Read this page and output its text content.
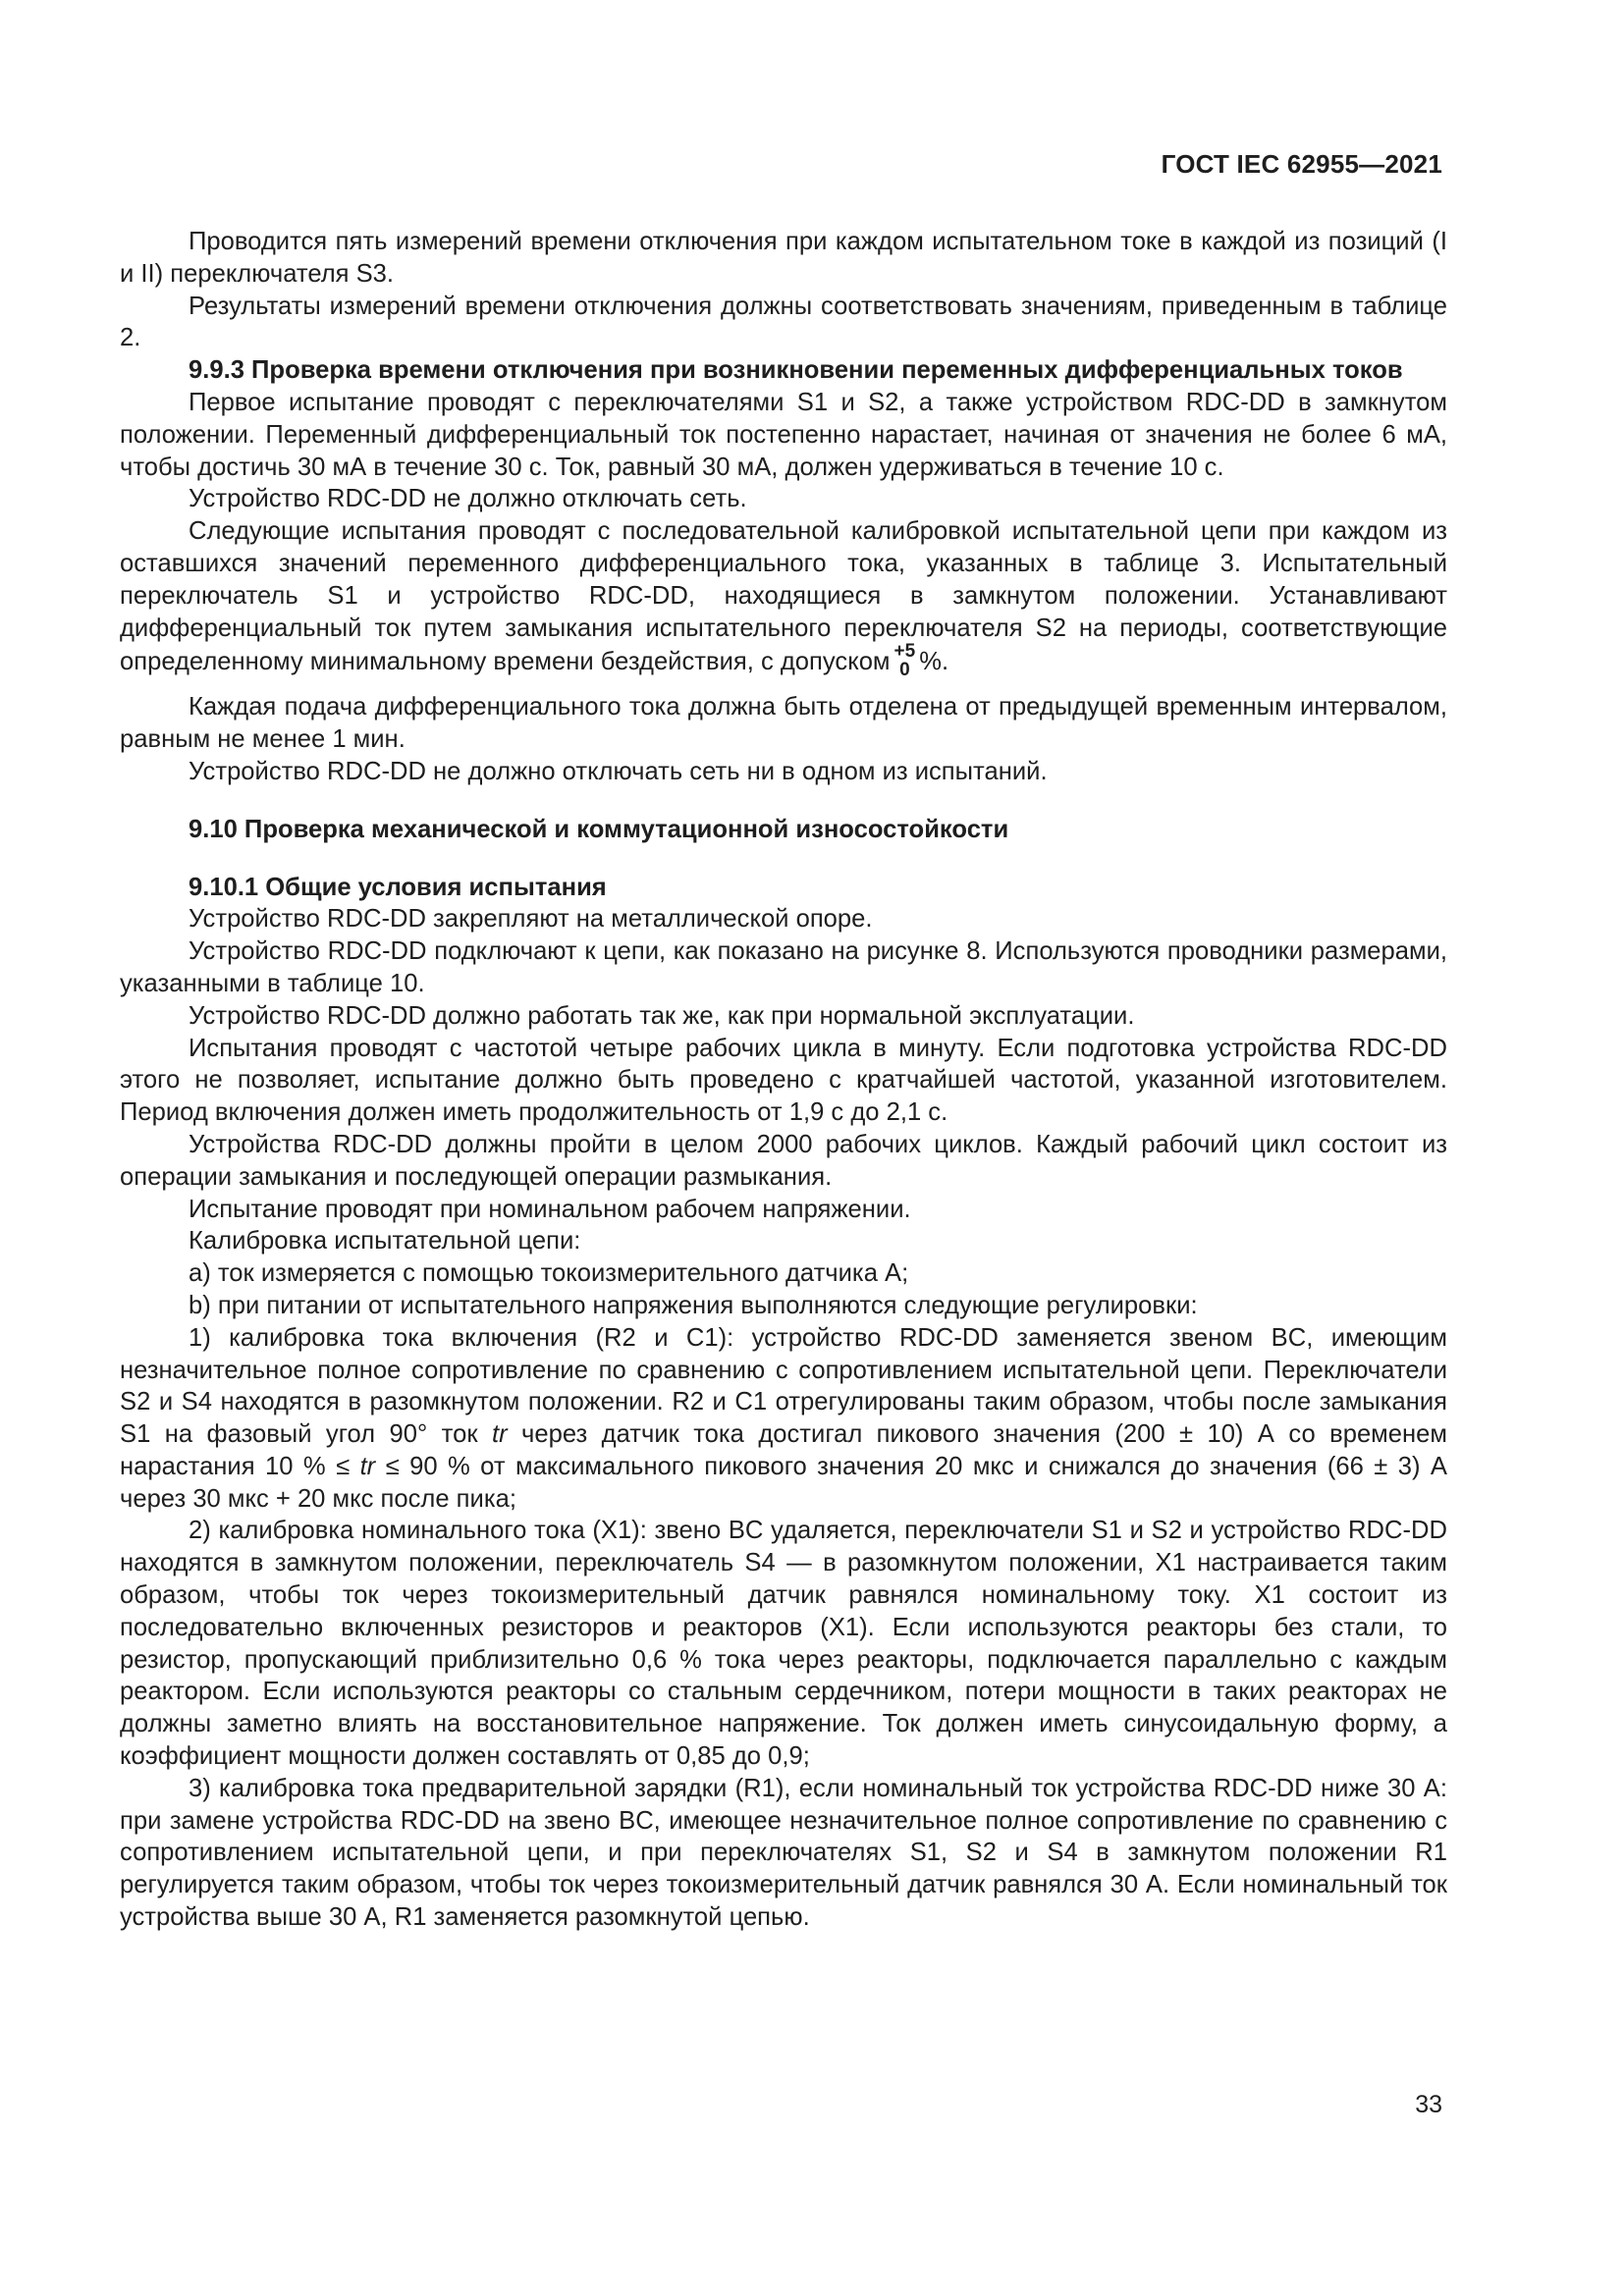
ГОСТ IEC 62955—2021

Проводится пять измерений времени отключения при каждом испытательном токе в каждой из позиций (I и II) переключателя S3.

Результаты измерений времени отключения должны соответствовать значениям, приведенным в таблице 2.

9.9.3 Проверка времени отключения при возникновении переменных дифференциальных токов

Первое испытание проводят с переключателями S1 и S2, а также устройством RDC-DD в замкнутом положении. Переменный дифференциальный ток постепенно нарастает, начиная от значения не более 6 мА, чтобы достичь 30 мА в течение 30 с. Ток, равный 30 мА, должен удерживаться в течение 10 с.

Устройство RDC-DD не должно отключать сеть.

Следующие испытания проводят с последовательной калибровкой испытательной цепи при каждом из оставшихся значений переменного дифференциального тока, указанных в таблице 3. Испытательный переключатель S1 и устройство RDC-DD, находящиеся в замкнутом положении. Устанавливают дифференциальный ток путем замыкания испытательного переключателя S2 на периоды, соответствующие определенному минимальному времени бездействия, с допуском +5
0 %.

Каждая подача дифференциального тока должна быть отделена от предыдущей временным интервалом, равным не менее 1 мин.

Устройство RDC-DD не должно отключать сеть ни в одном из испытаний.

9.10 Проверка механической и коммутационной износостойкости

9.10.1 Общие условия испытания

Устройство RDC-DD закрепляют на металлической опоре.

Устройство RDC-DD подключают к цепи, как показано на рисунке 8. Используются проводники размерами, указанными в таблице 10.

Устройство RDC-DD должно работать так же, как при нормальной эксплуатации.

Испытания проводят с частотой четыре рабочих цикла в минуту. Если подготовка устройства RDC-DD этого не позволяет, испытание должно быть проведено с кратчайшей частотой, указанной изготовителем. Период включения должен иметь продолжительность от 1,9 с до 2,1 с.

Устройства RDC-DD должны пройти в целом 2000 рабочих циклов. Каждый рабочий цикл состоит из операции замыкания и последующей операции размыкания.

Испытание проводят при номинальном рабочем напряжении.

Калибровка испытательной цепи:

a) ток измеряется с помощью токоизмерительного датчика A;

b) при питании от испытательного напряжения выполняются следующие регулировки:

1) калибровка тока включения (R2 и C1): устройство RDC-DD заменяется звеном BC, имеющим незначительное полное сопротивление по сравнению с сопротивлением испытательной цепи. Переключатели S2 и S4 находятся в разомкнутом положении. R2 и C1 отрегулированы таким образом, чтобы после замыкания S1 на фазовый угол 90° ток tr через датчик тока достигал пикового значения (200 ± 10) А со временем нарастания 10 % ≤ tr ≤ 90 % от максимального пикового значения 20 мкс и снижался до значения (66 ± 3) А через 30 мкс + 20 мкс после пика;

2) калибровка номинального тока (X1): звено BC удаляется, переключатели S1 и S2 и устройство RDC-DD находятся в замкнутом положении, переключатель S4 — в разомкнутом положении, X1 настраивается таким образом, чтобы ток через токоизмерительный датчик равнялся номинальному току. X1 состоит из последовательно включенных резисторов и реакторов (X1). Если используются реакторы без стали, то резистор, пропускающий приблизительно 0,6 % тока через реакторы, подключается параллельно с каждым реактором. Если используются реакторы со стальным сердечником, потери мощности в таких реакторах не должны заметно влиять на восстановительное напряжение. Ток должен иметь синусоидальную форму, а коэффициент мощности должен составлять от 0,85 до 0,9;

3) калибровка тока предварительной зарядки (R1), если номинальный ток устройства RDC-DD ниже 30 А: при замене устройства RDC-DD на звено BC, имеющее незначительное полное сопротивление по сравнению с сопротивлением испытательной цепи, и при переключателях S1, S2 и S4 в замкнутом положении R1 регулируется таким образом, чтобы ток через токоизмерительный датчик равнялся 30 А. Если номинальный ток устройства выше 30 А, R1 заменяется разомкнутой цепью.

33
